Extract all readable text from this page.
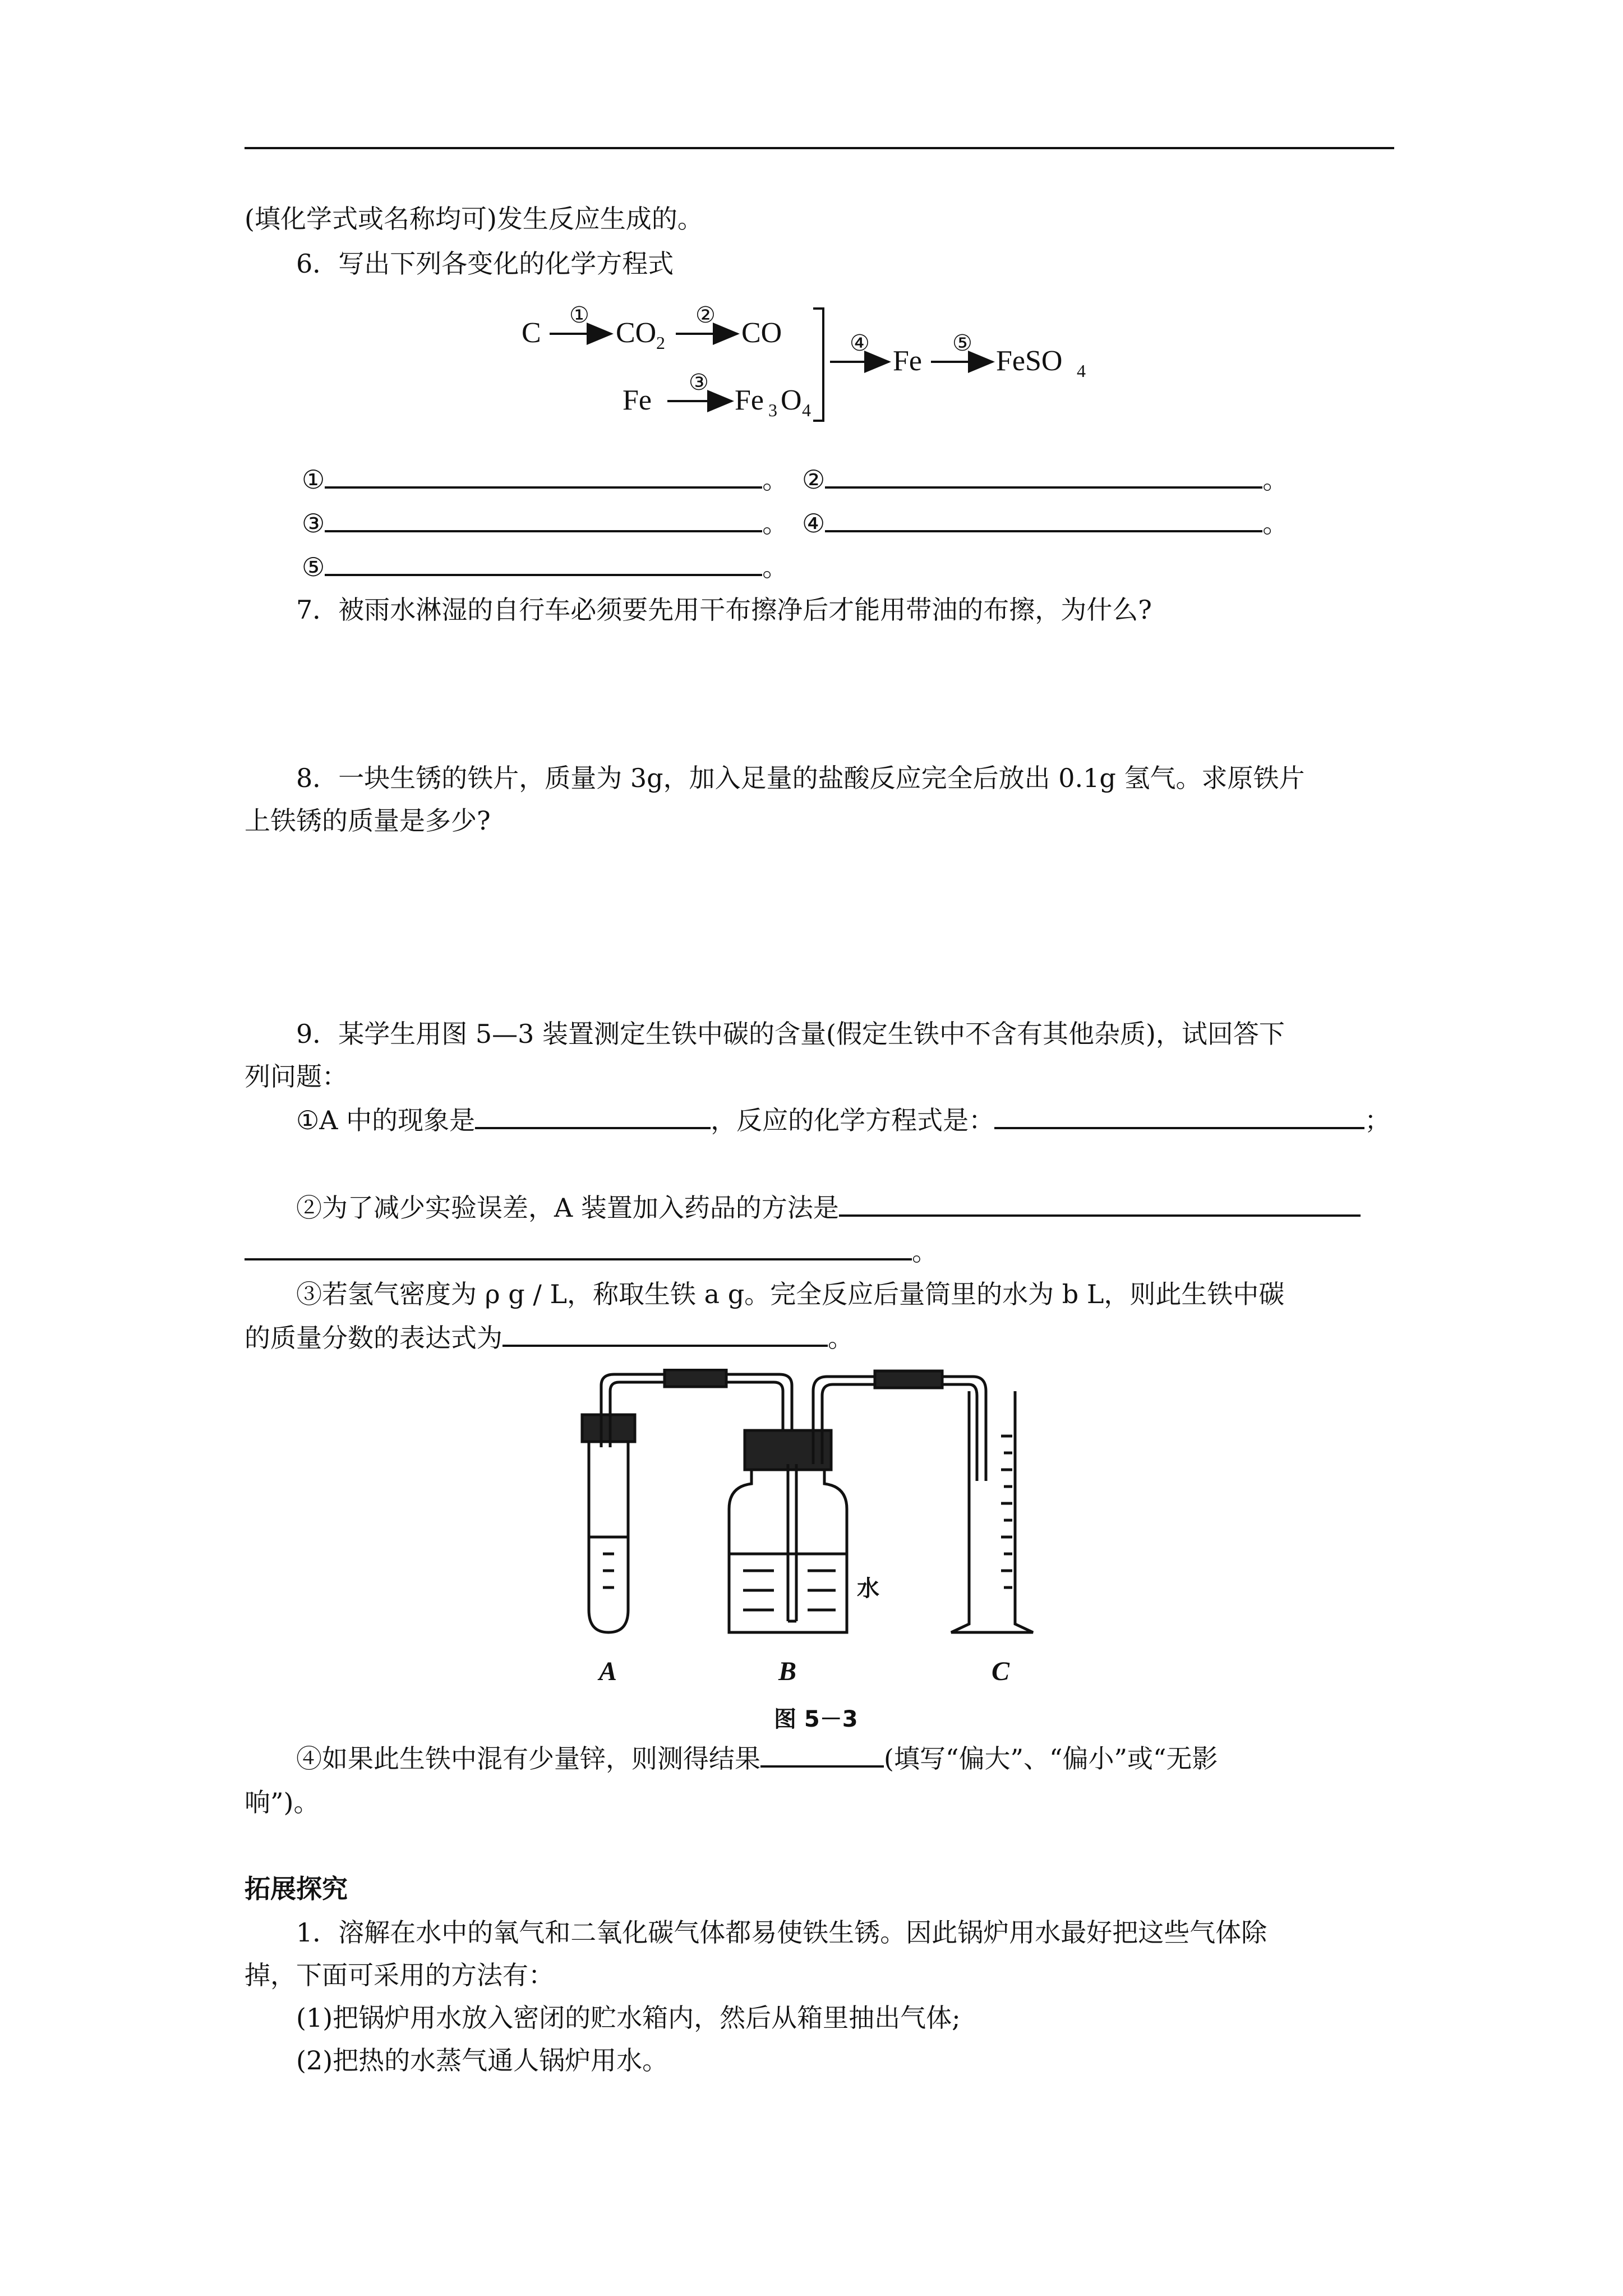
(填化学式或名称均可)发生反应生成的。
6．写出下列各变化的化学方程式
C
①
CO 2
②
CO
Fe
③
Fe 3 O 4
④
Fe
⑤
FeSO 4
①	。 ②	。
③	。 ④	。
⑤	。
7．被雨水淋湿的自行车必须要先用干布擦净后才能用带油的布擦，为什么?
8．一块生锈的铁片，质量为 3g，加入足量的盐酸反应完全后放出 0.1g 氢气。求原铁片
上铁锈的质量是多少?
9．某学生用图 5—3 装置测定生铁中碳的含量(假定生铁中不含有其他杂质)，试回答下
列问题：
①A 中的现象是	，反应的化学方程式是：	；
②为了减少实验误差，A 装置加入药品的方法是
。
③若氢气密度为 ρ g / L，称取生铁 a g。完全反应后量筒里的水为 b L，则此生铁中碳
的质量分数的表达式为	。
A	B	C
水
图 5－3
④如果此生铁中混有少量锌，则测得结果	(填写“偏大”、“偏小”或“无影
响”)。
拓展探究
1．溶解在水中的氧气和二氧化碳气体都易使铁生锈。因此锅炉用水最好把这些气体除
掉，下面可采用的方法有：
(1)把锅炉用水放入密闭的贮水箱内，然后从箱里抽出气体;
(2)把热的水蒸气通人锅炉用水。
